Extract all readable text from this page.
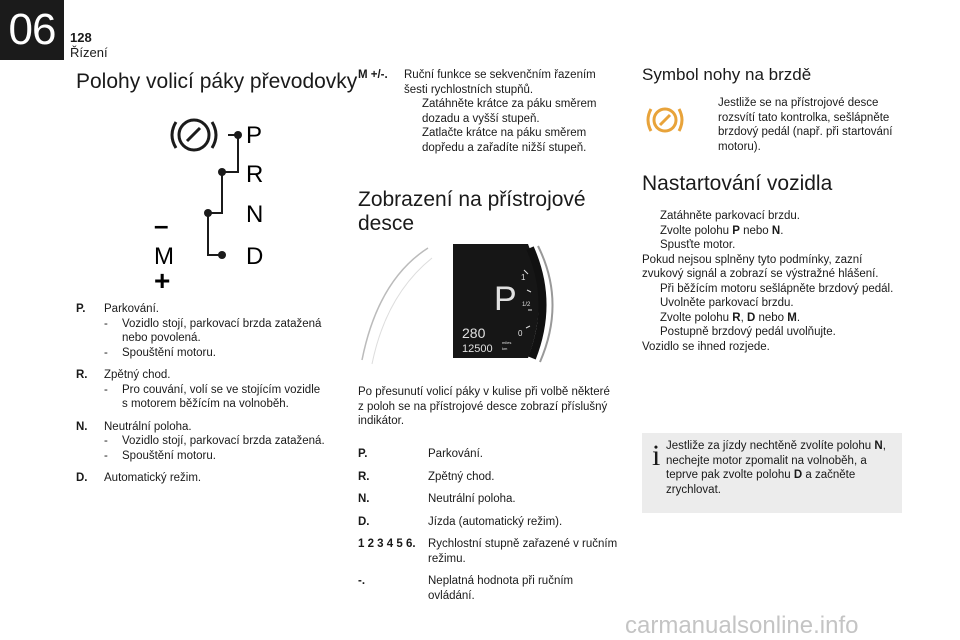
06	128
Řízení
Polohy volicí páky převodovky
P
R
N
D
–
M
+
P.	Parkování.
-	Vozidlo stojí, parkovací brzda zatažená nebo povolená.
-	Spouštění motoru.
R.	Zpětný chod.
-	Pro couvání, volí se ve stojícím vozidle s motorem běžícím na volnoběh.
N.	Neutrální poloha.
-	Vozidlo stojí, parkovací brzda zatažená.
-	Spouštění motoru.
D.	Automatický režim.
M +/-.	Ruční funkce se sekvenčním řazením šesti rychlostních stupňů.
Zatáhněte krátce za páku směrem dozadu a vyšší stupeň.
Zatlačte krátce na páku směrem dopředu a zařadíte nižší stupeň.
Zobrazení na přístrojové desce
P
280
12500
miles
km
1
1/2
0
Po přesunutí volicí páky v kulise při volbě některé z poloh se na přístrojové desce zobrazí příslušný indikátor.
P.	Parkování.
R.	Zpětný chod.
N.	Neutrální poloha.
D.	Jízda (automatický režim).
1 2 3 4 5 6.	Rychlostní stupně zařazené v ručním režimu.
-.	Neplatná hodnota při ručním ovládání.
Symbol nohy na brzdě
Jestliže se na přístrojové desce rozsvítí tato kontrolka, sešlápněte brzdový pedál (např. při startování motoru).
Nastartování vozidla
Zatáhněte parkovací brzdu.
Zvolte polohu P nebo N.
Spusťte motor.
Pokud nejsou splněny tyto podmínky, zazní zvukový signál a zobrazí se výstražné hlášení.
Při běžícím motoru sešlápněte brzdový pedál.
Uvolněte parkovací brzdu.
Zvolte polohu R, D nebo M.
Postupně brzdový pedál uvolňujte.
Vozidlo se ihned rozjede.
i Jestliže za jízdy nechtěně zvolíte polohu N, nechejte motor zpomalit na volnoběh, a teprve pak zvolte polohu D a začněte zrychlovat.
carmanualsonline.info
